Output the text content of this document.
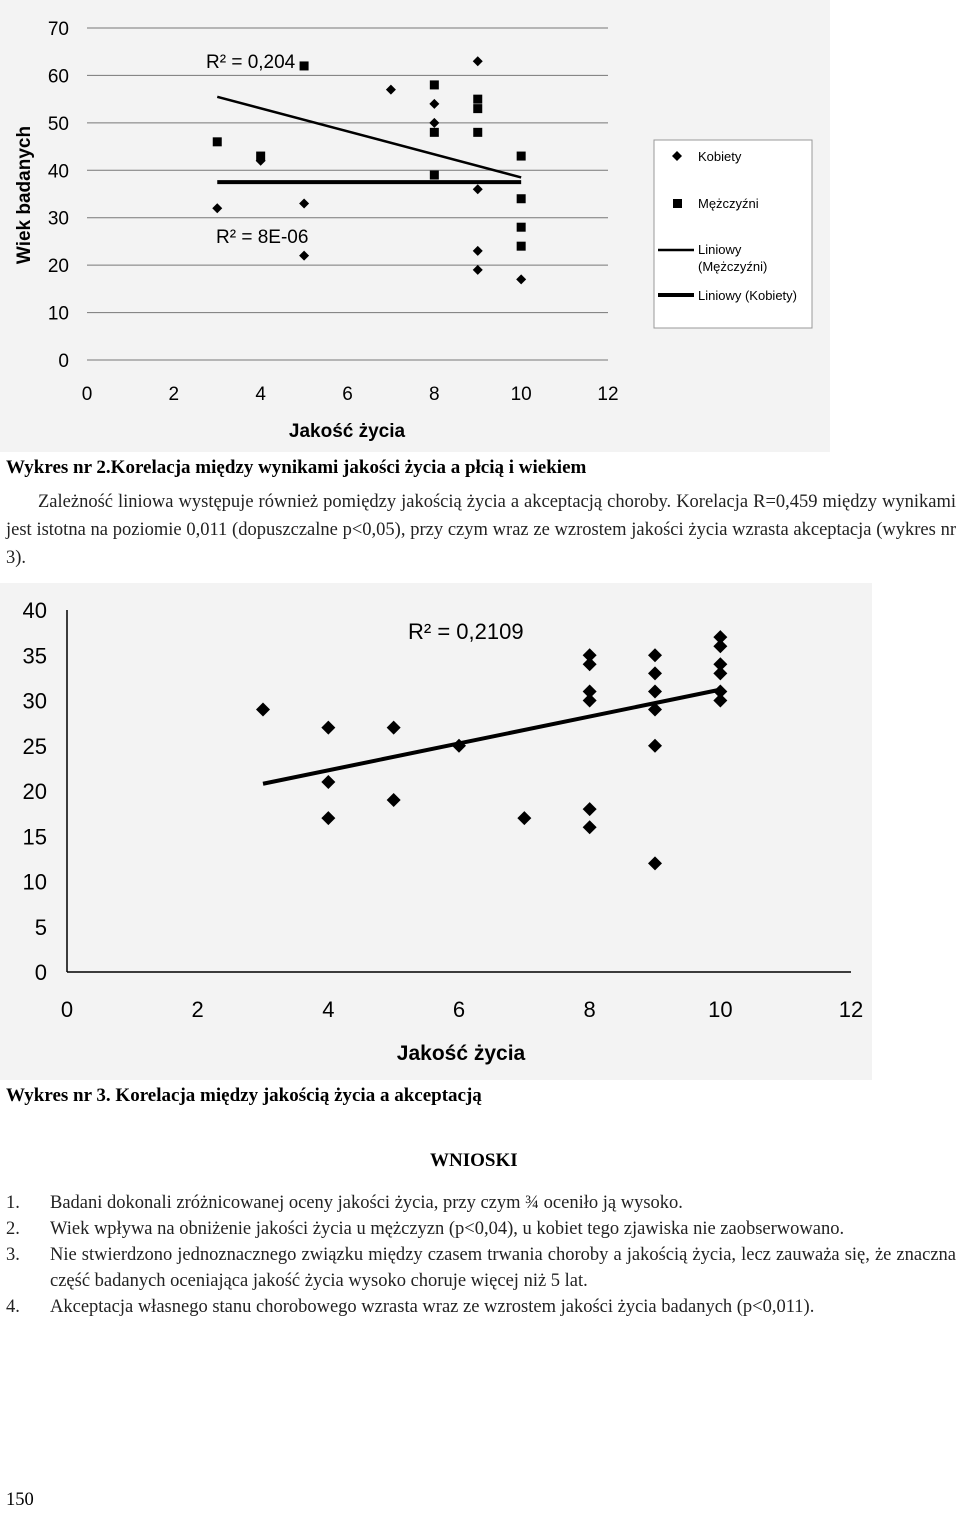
0
10
20
30
40
50
60
70
0	2	4	6	8	10	12
Wiek badanych
Jakość życia
R² = 0,204
R² = 8E-06
Kobiety
Mężczyźni
Liniowy
(Mężczyźni)
Liniowy (Kobiety)
Wykres nr 2.Korelacja między wynikami jakości życia a płcią i wiekiem

Zależność liniowa występuje również pomiędzy jakością życia a akceptacją choroby. Korelacja R=0,459 między wynikami jest istotna na poziomie 0,011 (dopuszczalne p<0,05), przy czym wraz ze wzrostem jakości życia wzrasta akceptacja (wykres nr 3).

0
5
10
15
20
25
30
35
40
0	2	4	6	8	10	12
R² = 0,2109
Jakość życia
Wykres nr 3. Korelacja między jakością życia a akceptacją
WNIOSKI
1. Badani dokonali zróżnicowanej oceny jakości życia, przy czym ¾ oceniło ją wysoko.
2. Wiek wpływa na obniżenie jakości życia u mężczyzn (p<0,04), u kobiet tego zjawiska nie zaobserwowano.
3. Nie stwierdzono jednoznacznego związku między czasem trwania choroby a jakością życia, lecz zauważa się, że znaczna część badanych oceniająca jakość życia wysoko choruje więcej niż 5 lat.
4. Akceptacja własnego stanu chorobowego wzrasta wraz ze wzrostem jakości życia badanych (p<0,011).
150
